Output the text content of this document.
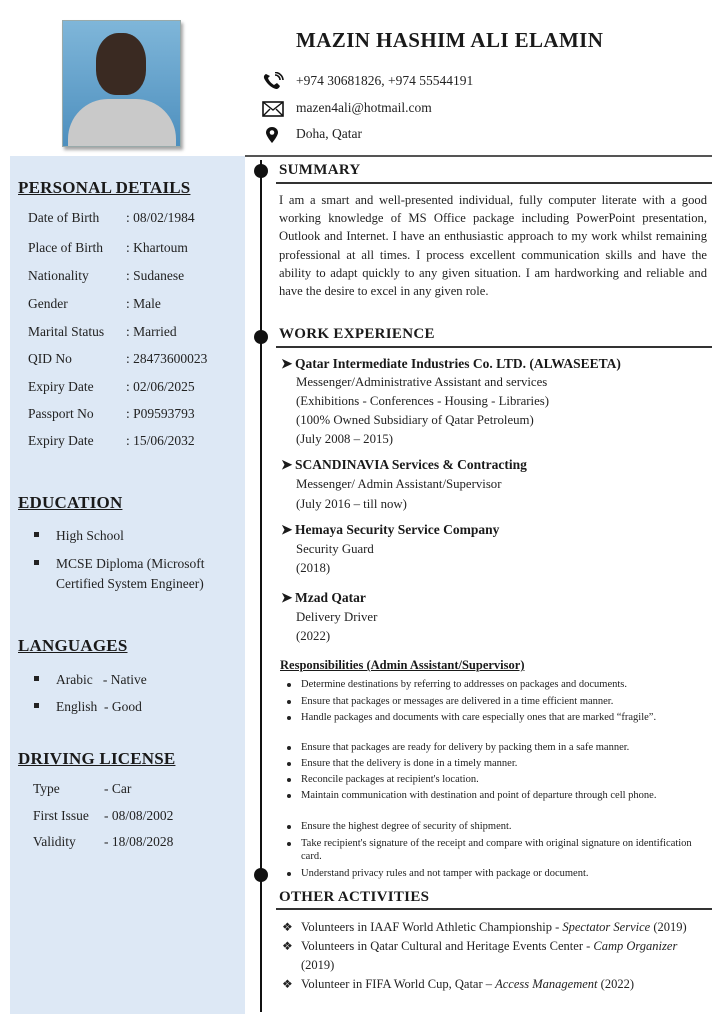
PERSONAL DETAILS
Date of Birth : 08/02/1984
Place of Birth : Khartoum
Nationality	: Sudanese
Gender	: Male
Marital Status : Married
QID No	: 28473600023
Expiry Date : 02/06/2025
Passport No : P09593793
Expiry Date : 15/06/2032
EDUCATION
High School
MCSE Diploma (Microsoft Certified System Engineer)
LANGUAGES
Arabic   - Native
English  - Good
DRIVING LICENSE
Type	- Car
First Issue - 08/08/2002
Validity - 18/08/2028
MAZIN HASHIM ALI ELAMIN
+974 30681826, +974 55544191
mazen4ali@hotmail.com
Doha, Qatar
SUMMARY
I am a smart and well-presented individual, fully computer literate with a good working knowledge of MS Office package including PowerPoint presentation, Outlook and Internet. I have an enthusiastic approach to my work whilst remaining professional at all times. I process excellent communication skills and have the ability to adapt quickly to any given situation. I am hardworking and reliable and have the desire to excel in any given role.
WORK EXPERIENCE
➤ Qatar Intermediate Industries Co. LTD. (ALWASEETA)
Messenger/Administrative Assistant and services
(Exhibitions - Conferences - Housing - Libraries)
(100% Owned Subsidiary of Qatar Petroleum)
(July 2008 – 2015)
➤ SCANDINAVIA Services & Contracting
Messenger/ Admin Assistant/Supervisor
(July 2016 – till now)
➤ Hemaya Security Service Company
Security Guard
(2018)
➤ Mzad Qatar
Delivery Driver
(2022)
Responsibilities (Admin Assistant/Supervisor)
Determine destinations by referring to addresses on packages and documents.
Ensure that packages or messages are delivered in a time efficient manner.
Handle packages and documents with care especially ones that are marked “fragile”.
Ensure that packages are ready for delivery by packing them in a safe manner.
Ensure that the delivery is done in a timely manner.
Reconcile packages at recipient's location.
Maintain communication with destination and point of departure through cell phone.
Ensure the highest degree of security of shipment.
Take recipient's signature of the receipt and compare with original signature on identification card.
Understand privacy rules and not tamper with package or document.
OTHER ACTIVITIES
❖ Volunteers in IAAF World Athletic Championship - Spectator Service (2019)
❖ Volunteers in Qatar Cultural and Heritage Events Center - Camp Organizer (2019)
❖ Volunteer in FIFA World Cup, Qatar – Access Management (2022)
